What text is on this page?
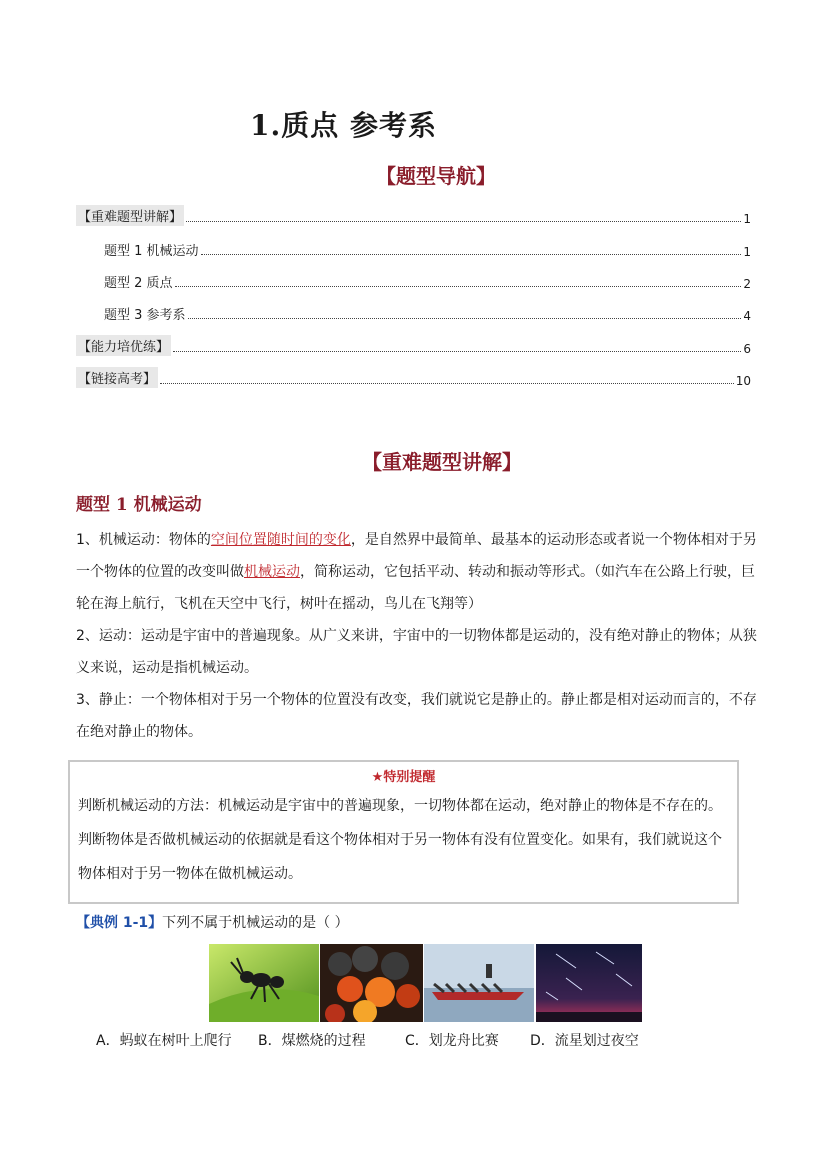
1.质点 参考系
【题型导航】
【重难题型讲解】	1
题型 1 机械运动	1
题型 2 质点	2
题型 3 参考系	4
【能力培优练】	6
【链接高考】	10
【重难题型讲解】
题型 1 机械运动

1、机械运动：物体的空间位置随时间的变化，是自然界中最简单、最基本的运动形态或者说一个物体相对于另一个物体的位置的改变叫做机械运动，简称运动，它包括平动、转动和振动等形式。（如汽车在公路上行驶，巨轮在海上航行，飞机在天空中飞行，树叶在摇动，鸟儿在飞翔等）

2、运动：运动是宇宙中的普遍现象。从广义来讲，宇宙中的一切物体都是运动的，没有绝对静止的物体；从狭义来说，运动是指机械运动。

3、静止：一个物体相对于另一个物体的位置没有改变，我们就说它是静止的。静止都是相对运动而言的，不存在绝对静止的物体。

★特别提醒
判断机械运动的方法：机械运动是宇宙中的普遍现象，一切物体都在运动，绝对静止的物体是不存在的。判断物体是否做机械运动的依据就是看这个物体相对于另一物体有没有位置变化。如果有，我们就说这个物体相对于另一物体在做机械运动。
【典例 1-1】下列不属于机械运动的是（ ）
A．蚂蚁在树叶上爬行 B．煤燃烧的过程	C．划龙舟比赛 D．流星划过夜空
